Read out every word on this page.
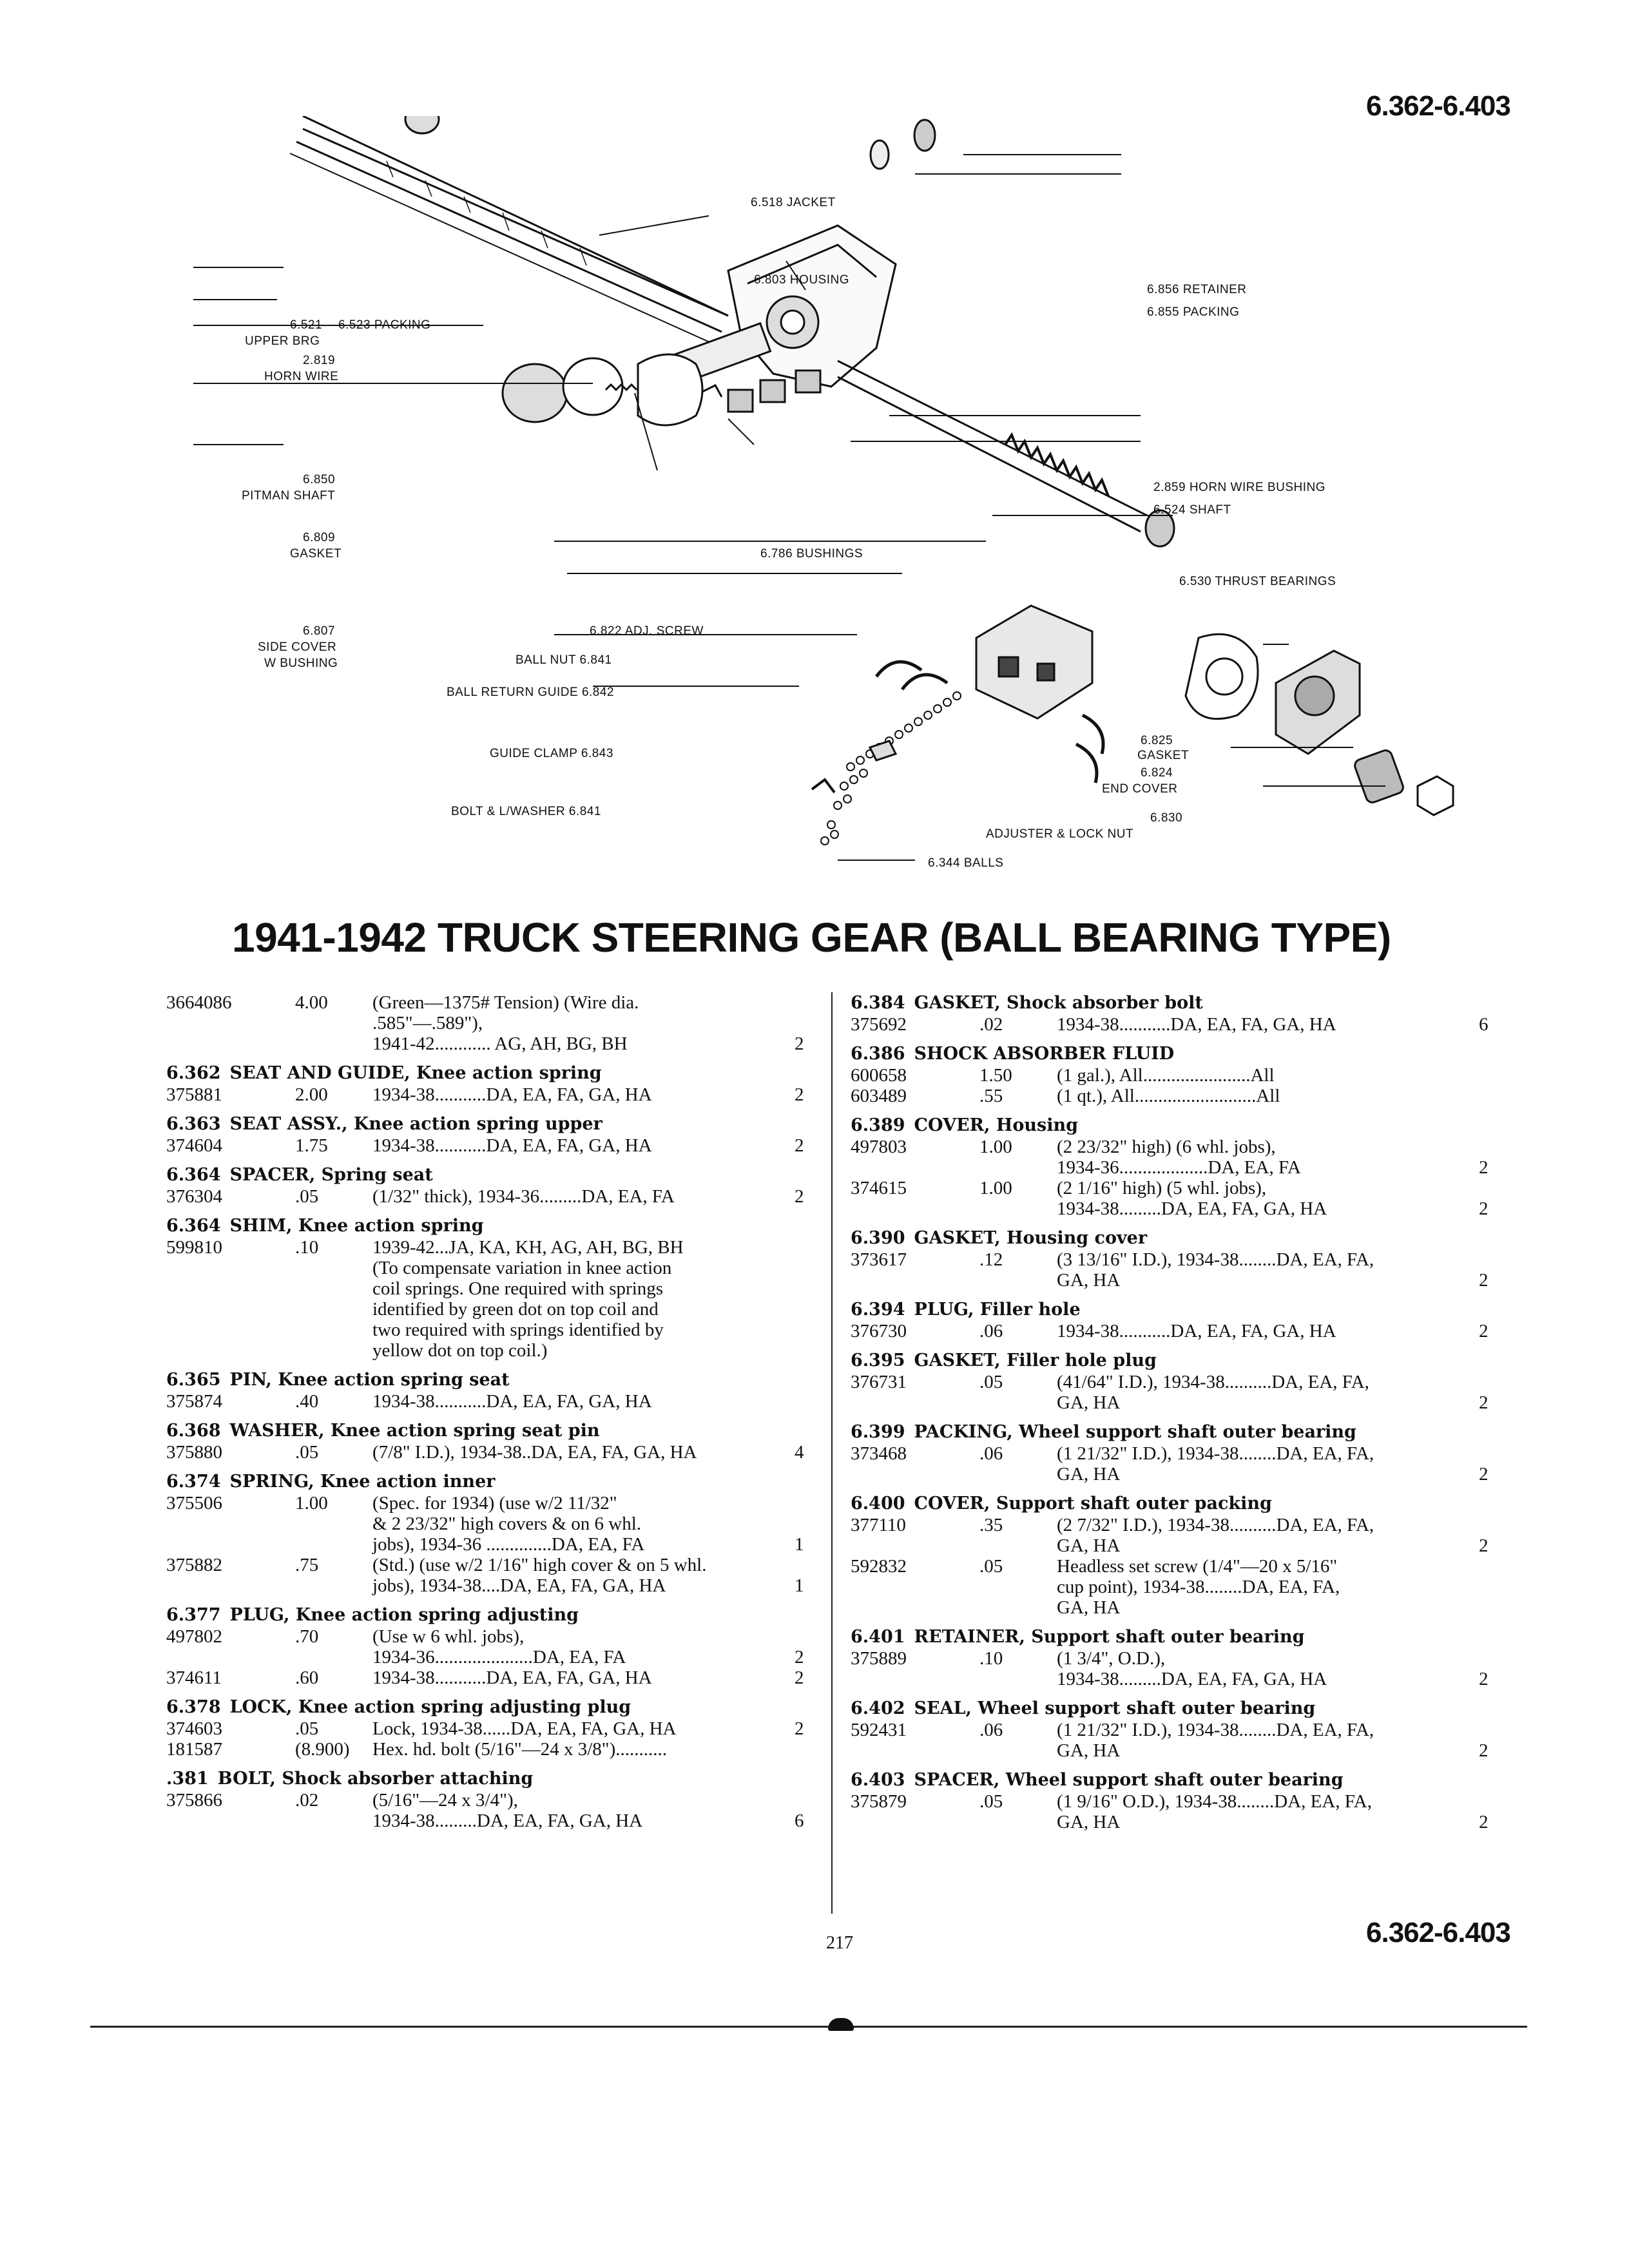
6.362-6.403
6.518 JACKET
6.803 HOUSING
6.856 RETAINER
6.855 PACKING
6.521 6.523 PACKING
UPPER BRG
2.819
HORN WIRE
6.850
PITMAN SHAFT
6.809
GASKET
6.807
SIDE COVER
W BUSHING
2.859 HORN WIRE BUSHING
6.524 SHAFT
6.786 BUSHINGS
6.530 THRUST BEARINGS
6.822 ADJ. SCREW
BALL NUT 6.841
BALL RETURN GUIDE 6.842
GUIDE CLAMP 6.843
BOLT & L/WASHER 6.841
6.825
GASKET
6.824
END COVER
6.830
ADJUSTER & LOCK NUT
6.344 BALLS
1941-1942 TRUCK STEERING GEAR (BALL BEARING TYPE)
3664086	4.00	(Green—1375# Tension) (Wire dia.
.585"—.589"),
1941-42............ AG, AH, BG, BH	2
6.362 SEAT AND GUIDE, Knee action spring
375881	2.00	1934-38...........DA, EA, FA, GA, HA	2
6.363 SEAT ASSY., Knee action spring upper
374604	1.75	1934-38...........DA, EA, FA, GA, HA	2
6.364 SPACER, Spring seat
376304	.05	(1/32" thick), 1934-36.........DA, EA, FA	2
6.364 SHIM, Knee action spring
599810	.10	1939-42...JA, KA, KH, AG, AH, BG, BH
(To compensate variation in knee action
coil springs. One required with springs
identified by green dot on top coil and
two required with springs identified by
yellow dot on top coil.)
6.365 PIN, Knee action spring seat
375874	.40	1934-38...........DA, EA, FA, GA, HA
6.368 WASHER, Knee action spring seat pin
375880	.05	(7/8" I.D.), 1934-38..DA, EA, FA, GA, HA	4
6.374 SPRING, Knee action inner
375506	1.00	(Spec. for 1934) (use w/2 11/32"
& 2 23/32" high covers & on 6 whl.
jobs), 1934-36 ..............DA, EA, FA	1
375882	.75	(Std.) (use w/2 1/16" high cover & on 5 whl.
jobs), 1934-38....DA, EA, FA, GA, HA	1
6.377 PLUG, Knee action spring adjusting
497802	.70	(Use w 6 whl. jobs),
1934-36.....................DA, EA, FA	2
374611	.60	1934-38...........DA, EA, FA, GA, HA	2
6.378 LOCK, Knee action spring adjusting plug
374603	.05	Lock, 1934-38......DA, EA, FA, GA, HA	2
181587	(8.900)	Hex. hd. bolt (5/16"—24 x 3/8")...........
.381 BOLT, Shock absorber attaching
375866	.02	(5/16"—24 x 3/4"),
1934-38.........DA, EA, FA, GA, HA	6
6.384 GASKET, Shock absorber bolt
375692	.02	1934-38...........DA, EA, FA, GA, HA	6
6.386 SHOCK ABSORBER FLUID
600658	1.50	(1 gal.), All.......................All
603489	.55	(1 qt.), All..........................All
6.389 COVER, Housing
497803	1.00	(2 23/32" high) (6 whl. jobs),
1934-36...................DA, EA, FA	2
374615	1.00	(2 1/16" high) (5 whl. jobs),
1934-38.........DA, EA, FA, GA, HA	2
6.390 GASKET, Housing cover
373617	.12	(3 13/16" I.D.), 1934-38........DA, EA, FA,
GA, HA	2
6.394 PLUG, Filler hole
376730	.06	1934-38...........DA, EA, FA, GA, HA	2
6.395 GASKET, Filler hole plug
376731	.05	(41/64" I.D.), 1934-38..........DA, EA, FA,
GA, HA	2
6.399 PACKING, Wheel support shaft outer bearing
373468	.06	(1 21/32" I.D.), 1934-38........DA, EA, FA,
GA, HA	2
6.400 COVER, Support shaft outer packing
377110	.35	(2 7/32" I.D.), 1934-38..........DA, EA, FA,
GA, HA	2
592832	.05	Headless set screw (1/4"—20 x 5/16"
cup point), 1934-38........DA, EA, FA,
GA, HA
6.401 RETAINER, Support shaft outer bearing
375889	.10	(1 3/4", O.D.),
1934-38.........DA, EA, FA, GA, HA	2
6.402 SEAL, Wheel support shaft outer bearing
592431	.06	(1 21/32" I.D.), 1934-38........DA, EA, FA,
GA, HA	2
6.403 SPACER, Wheel support shaft outer bearing
375879	.05	(1 9/16" O.D.), 1934-38........DA, EA, FA,
GA, HA	2
217	6.362-6.403
